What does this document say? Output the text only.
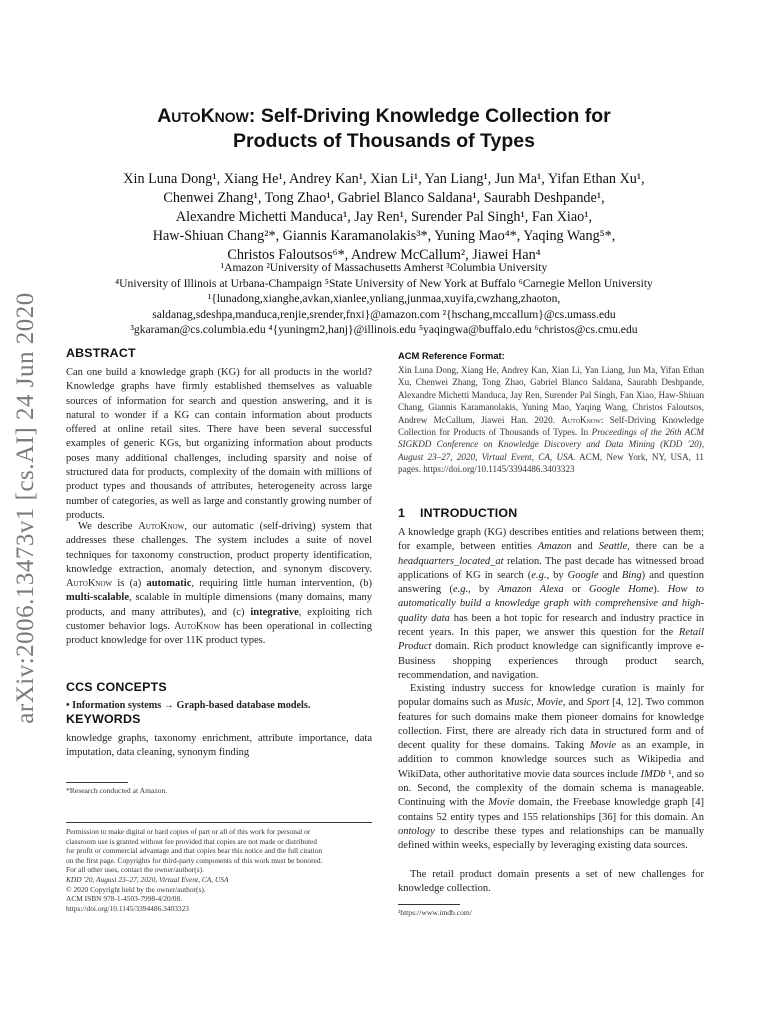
arXiv:2006.13473v1 [cs.AI] 24 Jun 2020
AutoKnow: Self-Driving Knowledge Collection for
Products of Thousands of Types
Xin Luna Dong¹, Xiang He¹, Andrey Kan¹, Xian Li¹, Yan Liang¹, Jun Ma¹, Yifan Ethan Xu¹,
Chenwei Zhang¹, Tong Zhao¹, Gabriel Blanco Saldana¹, Saurabh Deshpande¹,
Alexandre Michetti Manduca¹, Jay Ren¹, Surender Pal Singh¹, Fan Xiao¹,
Haw-Shiuan Chang²*, Giannis Karamanolakis³*, Yuning Mao⁴*, Yaqing Wang⁵*,
Christos Faloutsos⁶*, Andrew McCallum², Jiawei Han⁴
¹Amazon ²University of Massachusetts Amherst ³Columbia University
⁴University of Illinois at Urbana-Champaign ⁵State University of New York at Buffalo ⁶Carnegie Mellon University
¹{lunadong,xianghe,avkan,xianlee,ynliang,junmaa,xuyifa,cwzhang,zhaoton,
saldanag,sdeshpa,manduca,renjie,srender,fnxi}@amazon.com ²{hschang,mccallum}@cs.umass.edu
³gkaraman@cs.columbia.edu ⁴{yuningm2,hanj}@illinois.edu ⁵yaqingwa@buffalo.edu ⁶christos@cs.cmu.edu
ABSTRACT

Can one build a knowledge graph (KG) for all products in the world? Knowledge graphs have firmly established themselves as valuable sources of information for search and question answering, and it is natural to wonder if a KG can contain information about products offered at online retail sites. There have been several successful examples of generic KGs, but organizing information about products poses many additional challenges, including sparsity and noise of structured data for products, complexity of the domain with millions of product types and thousands of attributes, heterogeneity across large number of categories, as well as large and constantly growing number of products.

We describe AutoKnow, our automatic (self-driving) system that addresses these challenges. The system includes a suite of novel techniques for taxonomy construction, product property identification, knowledge extraction, anomaly detection, and synonym discovery. AutoKnow is (a) automatic, requiring little human intervention, (b) multi-scalable, scalable in multiple dimensions (many domains, many products, and many attributes), and (c) integrative, exploiting rich customer behavior logs. AutoKnow has been operational in collecting product knowledge for over 11K product types.

CCS CONCEPTS
• Information systems → Graph-based database models.
KEYWORDS

knowledge graphs, taxonomy enrichment, attribute importance, data imputation, data cleaning, synonym finding

*Research conducted at Amazon.
Permission to make digital or hard copies of part or all of this work for personal or
classroom use is granted without fee provided that copies are not made or distributed
for profit or commercial advantage and that copies bear this notice and the full citation
on the first page. Copyrights for third-party components of this work must be honored.
For all other uses, contact the owner/author(s).
KDD '20, August 23–27, 2020, Virtual Event, CA, USA
© 2020 Copyright held by the owner/author(s).
ACM ISBN 978-1-4503-7998-4/20/08.
https://doi.org/10.1145/3394486.3403323
ACM Reference Format:
Xin Luna Dong, Xiang He, Andrey Kan, Xian Li, Yan Liang, Jun Ma, Yifan Ethan Xu, Chenwei Zhang, Tong Zhao, Gabriel Blanco Saldana, Saurabh Deshpande, Alexandre Michetti Manduca, Jay Ren, Surender Pal Singh, Fan Xiao, Haw-Shiuan Chang, Giannis Karamanolakis, Yuning Mao, Yaqing Wang, Christos Faloutsos, Andrew McCallum, Jiawei Han. 2020. AutoKnow: Self-Driving Knowledge Collection for Products of Thousands of Types. In Proceedings of the 26th ACM SIGKDD Conference on Knowledge Discovery and Data Mining (KDD '20), August 23–27, 2020, Virtual Event, CA, USA. ACM, New York, NY, USA, 11 pages. https://doi.org/10.1145/3394486.3403323
1 INTRODUCTION

A knowledge graph (KG) describes entities and relations between them; for example, between entities Amazon and Seattle, there can be a headquarters_located_at relation. The past decade has witnessed broad applications of KG in search (e.g., by Google and Bing) and question answering (e.g., by Amazon Alexa or Google Home). How to automatically build a knowledge graph with comprehensive and high-quality data has been a hot topic for research and industry practice in recent years. In this paper, we answer this question for the Retail Product domain. Rich product knowledge can significantly improve e-Business shopping experiences through product search, recommendation, and navigation.

Existing industry success for knowledge curation is mainly for popular domains such as Music, Movie, and Sport [4, 12]. Two common features for such domains make them pioneer domains for knowledge collection. First, there are already rich data in structured form and of decent quality for these domains. Taking Movie as an example, in addition to common knowledge sources such as Wikipedia and WikiData, other authoritative movie data sources include IMDb ¹, and so on. Second, the complexity of the domain schema is manageable. Continuing with the Movie domain, the Freebase knowledge graph [4] contains 52 entity types and 155 relationships [36] for this domain. An ontology to describe these types and relationships can be manually defined within weeks, especially by leveraging existing data sources.

The retail product domain presents a set of new challenges for knowledge collection.

¹https://www.imdb.com/
